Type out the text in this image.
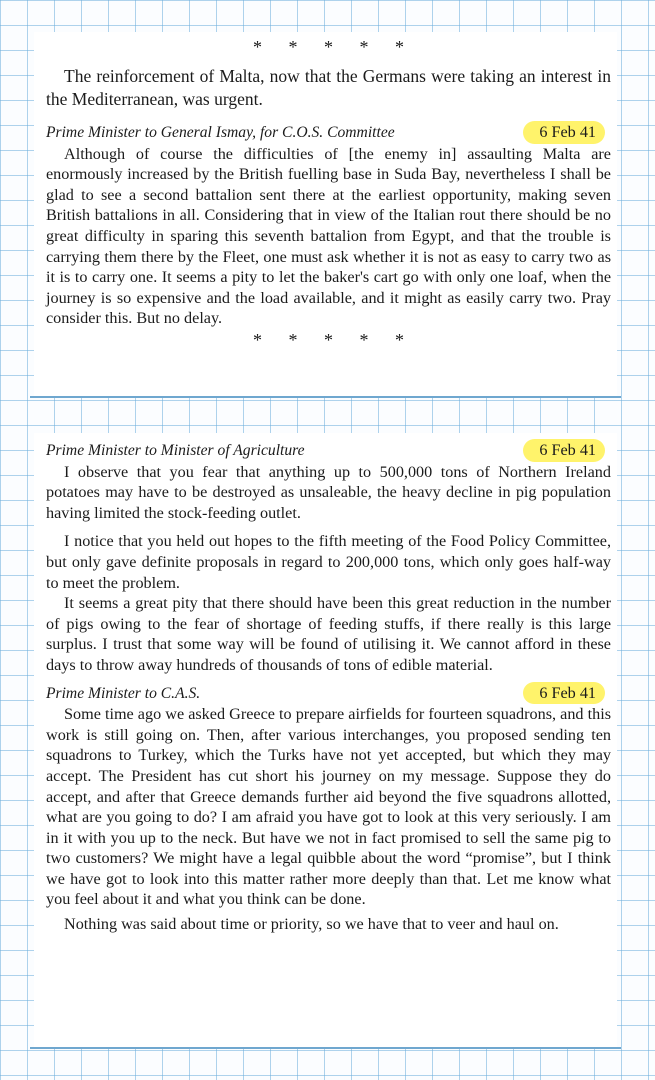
* * * * *

The reinforcement of Malta, now that the Germans were taking an interest in the Mediterranean, was urgent.

Prime Minister to General Ismay, for C.O.S. Committee	6 Feb 41

Although of course the difficulties of [the enemy in] assaulting Malta are enormously increased by the British fuelling base in Suda Bay, nevertheless I shall be glad to see a second battalion sent there at the earliest opportunity, making seven British battalions in all. Considering that in view of the Italian rout there should be no great difficulty in sparing this seventh battalion from Egypt, and that the trouble is carrying them there by the Fleet, one must ask whether it is not as easy to carry two as it is to carry one. It seems a pity to let the baker's cart go with only one loaf, when the journey is so expensive and the load available, and it might as easily carry two. Pray consider this. But no delay.

* * * * *
Prime Minister to Minister of Agriculture	6 Feb 41

I observe that you fear that anything up to 500,000 tons of Northern Ireland potatoes may have to be destroyed as unsaleable, the heavy decline in pig population having limited the stock-feeding outlet.

I notice that you held out hopes to the fifth meeting of the Food Policy Committee, but only gave definite proposals in regard to 200,000 tons, which only goes half-way to meet the problem.

It seems a great pity that there should have been this great reduction in the number of pigs owing to the fear of shortage of feeding stuffs, if there really is this large surplus. I trust that some way will be found of utilising it. We cannot afford in these days to throw away hundreds of thousands of tons of edible material.

Prime Minister to C.A.S.	6 Feb 41

Some time ago we asked Greece to prepare airfields for fourteen squadrons, and this work is still going on. Then, after various interchanges, you proposed sending ten squadrons to Turkey, which the Turks have not yet accepted, but which they may accept. The President has cut short his journey on my message. Suppose they do accept, and after that Greece demands further aid beyond the five squadrons allotted, what are you going to do? I am afraid you have got to look at this very seriously. I am in it with you up to the neck. But have we not in fact promised to sell the same pig to two customers? We might have a legal quibble about the word “promise”, but I think we have got to look into this matter rather more deeply than that. Let me know what you feel about it and what you think can be done.

Nothing was said about time or priority, so we have that to veer and haul on.
